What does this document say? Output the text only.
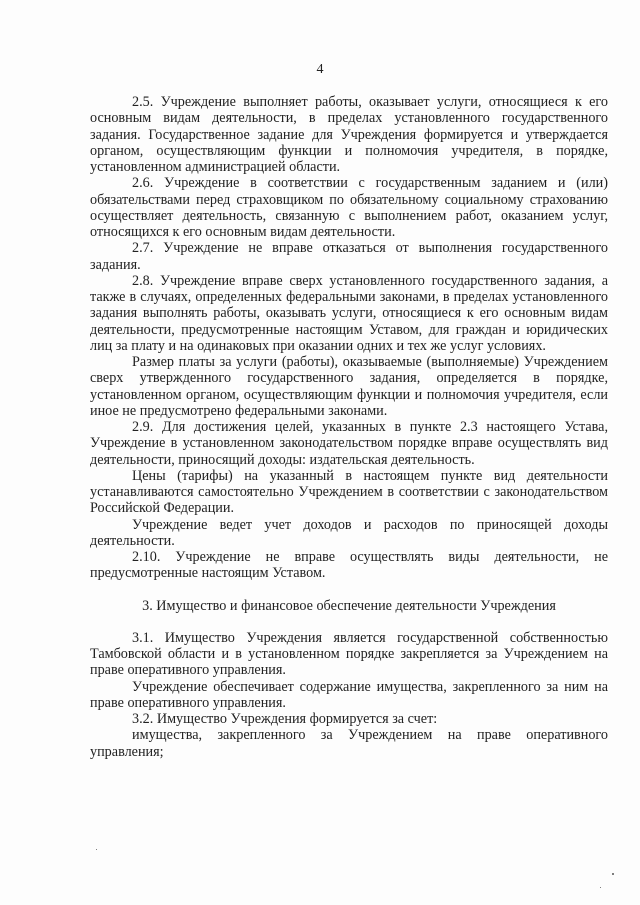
4

2.5. Учреждение выполняет работы, оказывает услуги, относящиеся к его основным видам деятельности, в пределах установленного государственного задания. Государственное задание для Учреждения формируется и утверждается органом, осуществляющим функции и полномочия учредителя, в порядке, установленном администрацией области.

2.6. Учреждение в соответствии с государственным заданием и (или) обязательствами перед страховщиком по обязательному социальному страхованию осуществляет деятельность, связанную с выполнением работ, оказанием услуг, относящихся к его основным видам деятельности.

2.7. Учреждение не вправе отказаться от выполнения государственного задания.

2.8. Учреждение вправе сверх установленного государственного задания, а также в случаях, определенных федеральными законами, в пределах установленного задания выполнять работы, оказывать услуги, относящиеся к его основным видам деятельности, предусмотренные настоящим Уставом, для граждан и юридических лиц за плату и на одинаковых при оказании одних и тех же услуг условиях.

Размер платы за услуги (работы), оказываемые (выполняемые) Учреждением сверх утвержденного государственного задания, определяется в порядке, установленном органом, осуществляющим функции и полномочия учредителя, если иное не предусмотрено федеральными законами.

2.9. Для достижения целей, указанных в пункте 2.3 настоящего Устава, Учреждение в установленном законодательством порядке вправе осуществлять вид деятельности, приносящий доходы: издательская деятельность.

Цены (тарифы) на указанный в настоящем пункте вид деятельности устанавливаются самостоятельно Учреждением в соответствии с законодательством Российской Федерации.

Учреждение ведет учет доходов и расходов по приносящей доходы деятельности.

2.10. Учреждение не вправе осуществлять виды деятельности, не предусмотренные настоящим Уставом.

3. Имущество и финансовое обеспечение деятельности Учреждения

3.1. Имущество Учреждения является государственной собственностью Тамбовской области и в установленном порядке закрепляется за Учреждением на праве оперативного управления.

Учреждение обеспечивает содержание имущества, закрепленного за ним на праве оперативного управления.

3.2. Имущество Учреждения формируется за счет:

имущества, закрепленного за Учреждением на праве оперативного управления;
